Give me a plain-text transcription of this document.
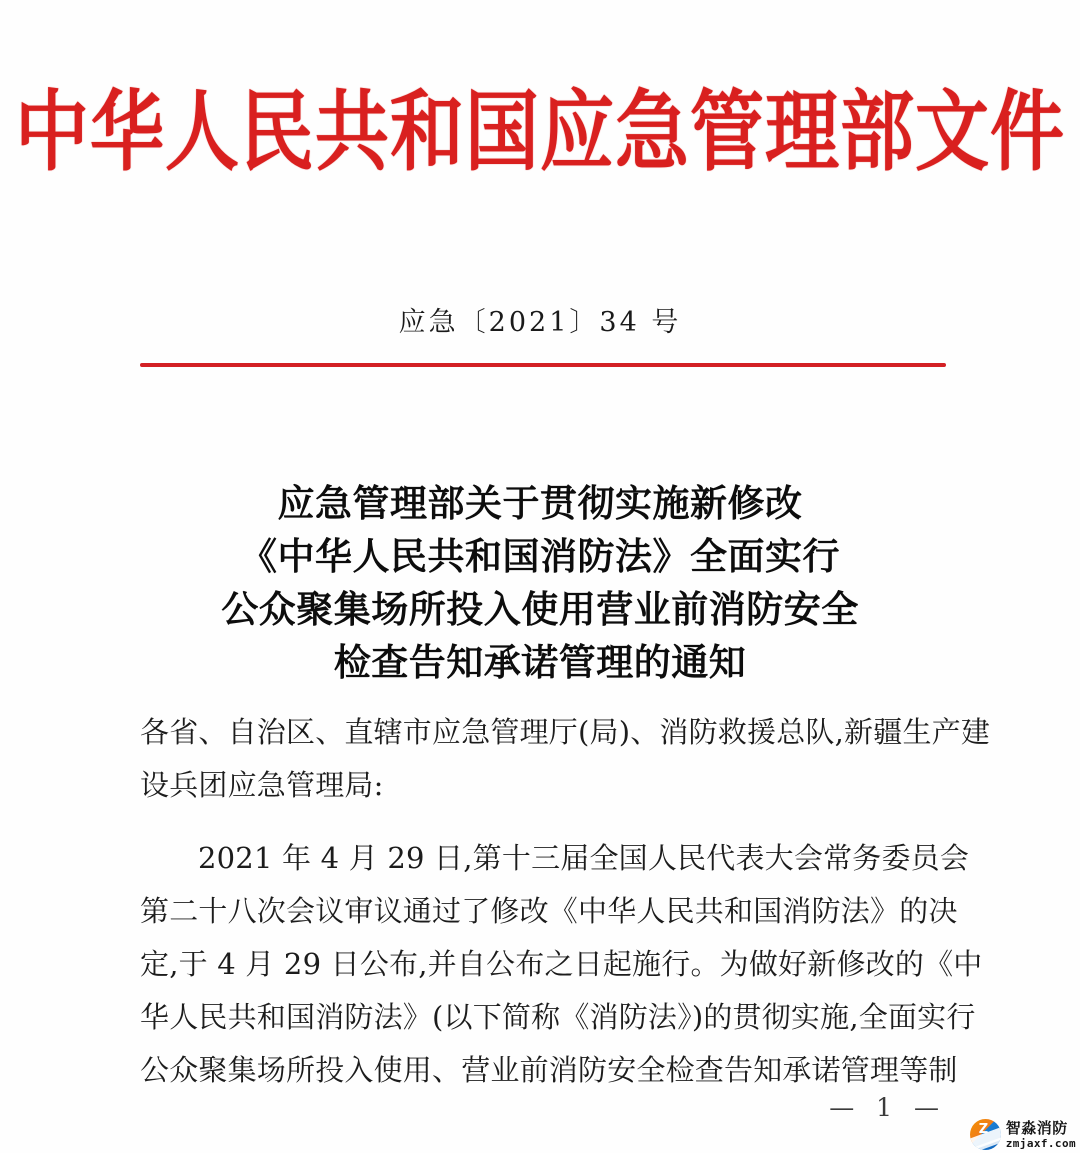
中华人民共和国应急管理部文件
应急〔2021〕34 号
应急管理部关于贯彻实施新修改
《中华人民共和国消防法》全面实行
公众聚集场所投入使用营业前消防安全
检查告知承诺管理的通知
各省、自治区、直辖市应急管理厅(局)、消防救援总队,新疆生产建
设兵团应急管理局:
2021 年 4 月 29 日,第十三届全国人民代表大会常务委员会
第二十八次会议审议通过了修改《中华人民共和国消防法》的决
定,于 4 月 29 日公布,并自公布之日起施行。为做好新修改的《中
华人民共和国消防法》(以下简称《消防法》)的贯彻实施,全面实行
公众聚集场所投入使用、营业前消防安全检查告知承诺管理等制
— 1 —
Z 智淼消防
zmjaxf.com
